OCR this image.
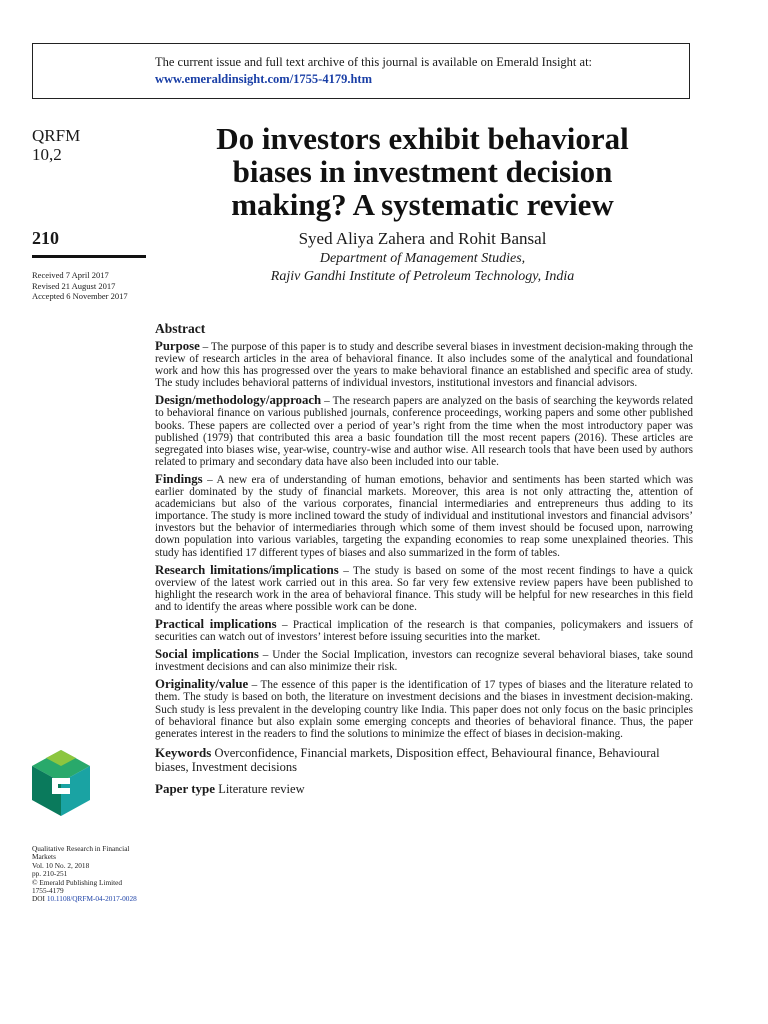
The current issue and full text archive of this journal is available on Emerald Insight at:
www.emeraldinsight.com/1755-4179.htm
QRFM
10,2
210
Received 7 April 2017
Revised 21 August 2017
Accepted 6 November 2017
Do investors exhibit behavioral
biases in investment decision
making? A systematic review
Syed Aliya Zahera and Rohit Bansal
Department of Management Studies,
Rajiv Gandhi Institute of Petroleum Technology, India
Abstract

Purpose – The purpose of this paper is to study and describe several biases in investment decision-making through the review of research articles in the area of behavioral finance. It also includes some of the analytical and foundational work and how this has progressed over the years to make behavioral finance an established and specific area of study. The study includes behavioral patterns of individual investors, institutional investors and financial advisors.

Design/methodology/approach – The research papers are analyzed on the basis of searching the keywords related to behavioral finance on various published journals, conference proceedings, working papers and some other published books. These papers are collected over a period of year’s right from the time when the most introductory paper was published (1979) that contributed this area a basic foundation till the most recent papers (2016). These articles are segregated into biases wise, year-wise, country-wise and author wise. All research tools that have been used by authors related to primary and secondary data have also been included into our table.

Findings – A new era of understanding of human emotions, behavior and sentiments has been started which was earlier dominated by the study of financial markets. Moreover, this area is not only attracting the, attention of academicians but also of the various corporates, financial intermediaries and entrepreneurs thus adding to its importance. The study is more inclined toward the study of individual and institutional investors and financial advisors’ investors but the behavior of intermediaries through which some of them invest should be focused upon, narrowing down population into various variables, targeting the expanding economies to reap some unexplained theories. This study has identified 17 different types of biases and also summarized in the form of tables.

Research limitations/implications – The study is based on some of the most recent findings to have a quick overview of the latest work carried out in this area. So far very few extensive review papers have been published to highlight the research work in the area of behavioral finance. This study will be helpful for new researches in this field and to identify the areas where possible work can be done.

Practical implications – Practical implication of the research is that companies, policymakers and issuers of securities can watch out of investors’ interest before issuing securities into the market.

Social implications – Under the Social Implication, investors can recognize several behavioral biases, take sound investment decisions and can also minimize their risk.

Originality/value – The essence of this paper is the identification of 17 types of biases and the literature related to them. The study is based on both, the literature on investment decisions and the biases in investment decision-making. Such study is less prevalent in the developing country like India. This paper does not only focus on the basic principles of behavioral finance but also explain some emerging concepts and theories of behavioral finance. Thus, the paper generates interest in the readers to find the solutions to minimize the effect of biases in decision-making.

Keywords Overconfidence, Financial markets, Disposition effect, Behavioural finance, Behavioural biases, Investment decisions

Paper type Literature review

Qualitative Research in Financial
Markets
Vol. 10 No. 2, 2018
pp. 210-251
© Emerald Publishing Limited
1755-4179
DOI 10.1108/QRFM-04-2017-0028
